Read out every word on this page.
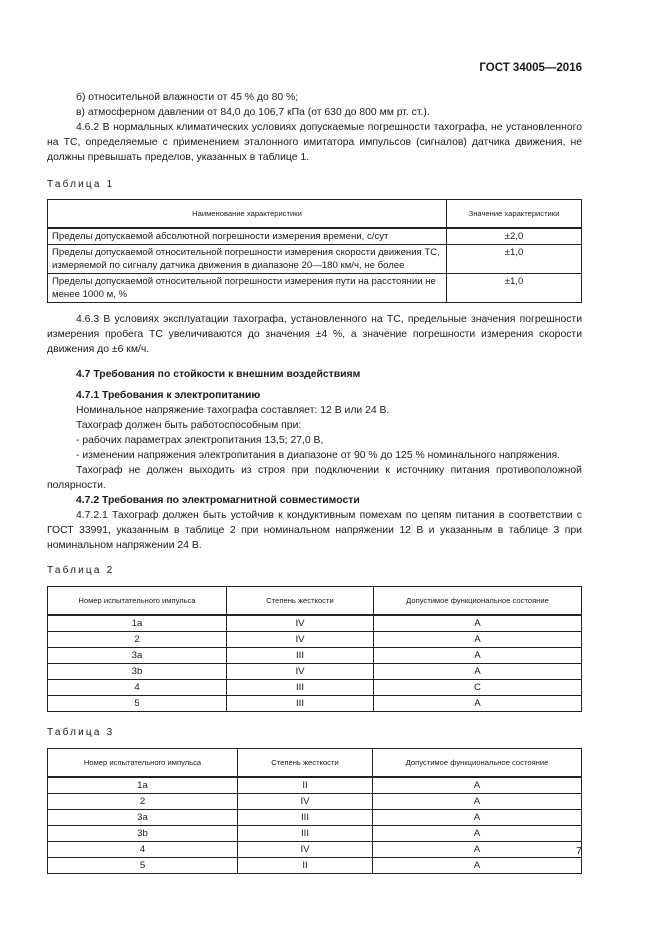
ГОСТ 34005—2016

б) относительной влажности от 45 % до 80 %;

в) атмосферном давлении от 84,0 до 106,7 кПа (от 630 до 800 мм рт. ст.).

4.6.2 В нормальных климатических условиях допускаемые погрешности тахографа, не установленного на ТС, определяемые с применением эталонного имитатора импульсов (сигналов) датчика движения, не должны превышать пределов, указанных в таблице 1.

Таблица 1

Наименование характеристики	Значение характеристики
Пределы допускаемой абсолютной погрешности измерения времени, с/сут	±2,0
Пределы допускаемой относительной погрешности измерения скорости движения ТС, измеряемой по сигналу датчика движения в диапазоне 20—180 км/ч, не более	±1,0
Пределы допускаемой относительной погрешности измерения пути на расстоянии не менее 1000 м, %	±1,0

4.6.3 В условиях эксплуатации тахографа, установленного на ТС, предельные значения погрешности измерения пробега ТС увеличиваются до значения ±4 %, а значение погрешности измерения скорости движения до ±6 км/ч.

4.7 Требования по стойкости к внешним воздействиям

4.7.1 Требования к электропитанию

Номинальное напряжение тахографа составляет: 12 В или 24 В.

Тахограф должен быть работоспособным при:

- рабочих параметрах электропитания 13,5; 27,0 В,

- изменении напряжения электропитания в диапазоне от 90 % до 125 % номинального напряжения.

Тахограф не должен выходить из строя при подключении к источнику питания противоположной полярности.

4.7.2 Требования по электромагнитной совместимости

4.7.2.1 Тахограф должен быть устойчив к кондуктивным помехам по цепям питания в соответствии с ГОСТ 33991, указанным в таблице 2 при номинальном напряжении 12 В и указанным в таблице 3 при номинальном напряжении 24 В.

Таблица 2

Номер испытательного импульса	Степень жесткости	Допустимое функциональное состояние
1a	IV	A
2	IV	A
3a	III	A
3b	IV	A
4	III	C
5	III	A

Таблица 3

Номер испытательного импульса	Степень жесткости	Допустимое функциональное состояние
1a	II	A
2	IV	A
3a	III	A
3b	III	A
4	IV	A
5	II	A
7
